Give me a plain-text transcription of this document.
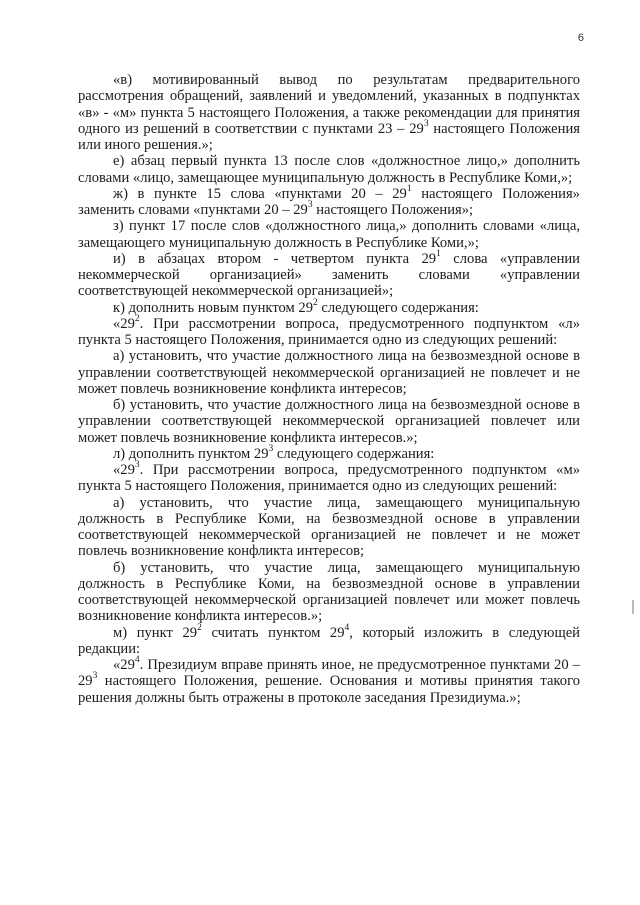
6

«в) мотивированный вывод по результатам предварительного рассмотрения обращений, заявлений и уведомлений, указанных в подпунктах «в» - «м» пункта 5 настоящего Положения, а также рекомендации для принятия одного из решений в соответствии с пунктами $23 - 29^3$ настоящего Положения или иного решения.»;

е) абзац первый пункта 13 после слов «должностное лицо,» дополнить словами «лицо, замещающее муниципальную должность в Республике Коми,»;

ж) в пункте 15 слова «пунктами $20 - 29^1$ настоящего Положения» заменить словами «пунктами $20 - 29^3$ настоящего Положения»;

з) пункт 17 после слов «должностного лица,» дополнить словами «лица, замещающего муниципальную должность в Республике Коми,»;

и) в абзацах втором - четвертом пункта $29^1$ слова «управлении некоммерческой организацией» заменить словами «управлении соответствующей некоммерческой организацией»;

к) дополнить новым пунктом $29^2$ следующего содержания:

«$29^2$. При рассмотрении вопроса, предусмотренного подпунктом «л» пункта 5 настоящего Положения, принимается одно из следующих решений:

а) установить, что участие должностного лица на безвозмездной основе в управлении соответствующей некоммерческой организацией не повлечет и не может повлечь возникновение конфликта интересов;

б) установить, что участие должностного лица на безвозмездной основе в управлении соответствующей некоммерческой организацией повлечет или может повлечь возникновение конфликта интересов.»;

л) дополнить пунктом $29^3$ следующего содержания:

«$29^3$. При рассмотрении вопроса, предусмотренного подпунктом «м» пункта 5 настоящего Положения, принимается одно из следующих решений:

а) установить, что участие лица, замещающего муниципальную должность в Республике Коми, на безвозмездной основе в управлении соответствующей некоммерческой организацией не повлечет и не может повлечь возникновение конфликта интересов;

б) установить, что участие лица, замещающего муниципальную должность в Республике Коми, на безвозмездной основе в управлении соответствующей некоммерческой организацией повлечет или может повлечь возникновение конфликта интересов.»;

м) пункт $29^2$ считать пунктом $29^4$, который изложить в следующей редакции:

«$29^4$. Президиум вправе принять иное, не предусмотренное пунктами $20 - 29^3$ настоящего Положения, решение. Основания и мотивы принятия такого решения должны быть отражены в протоколе заседания Президиума.»;
